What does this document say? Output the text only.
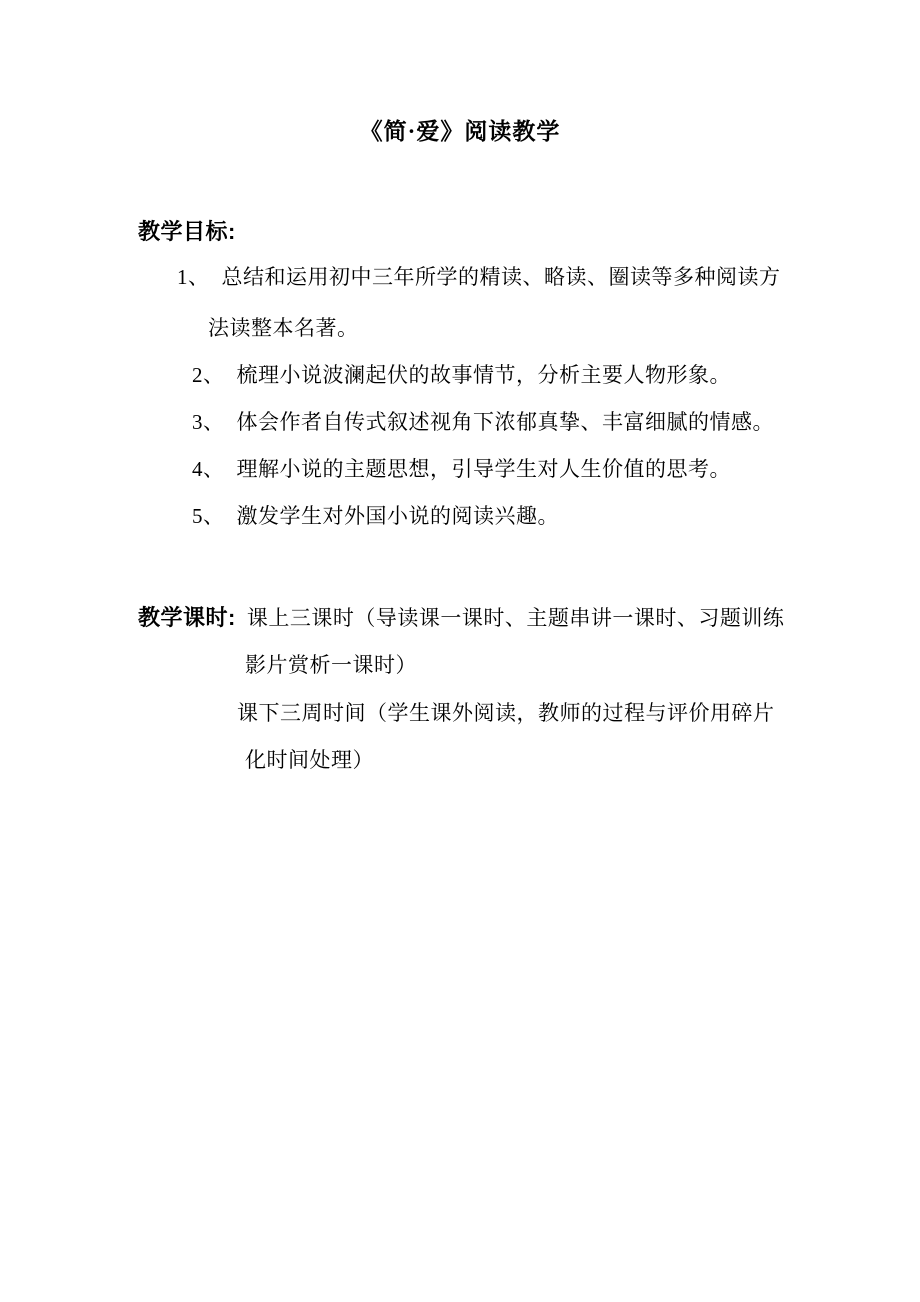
《简·爱》阅读教学
教学目标:
1、 总结和运用初中三年所学的精读、略读、圈读等多种阅读方
法读整本名著。
2、 梳理小说波澜起伏的故事情节，分析主要人物形象。
3、 体会作者自传式叙述视角下浓郁真挚、丰富细腻的情感。
4、 理解小说的主题思想，引导学生对人生价值的思考。
5、 激发学生对外国小说的阅读兴趣。
教学课时: 课上三课时（导读课一课时、主题串讲一课时、习题训练
影片赏析一课时）
课下三周时间（学生课外阅读，教师的过程与评价用碎片
化时间处理）
